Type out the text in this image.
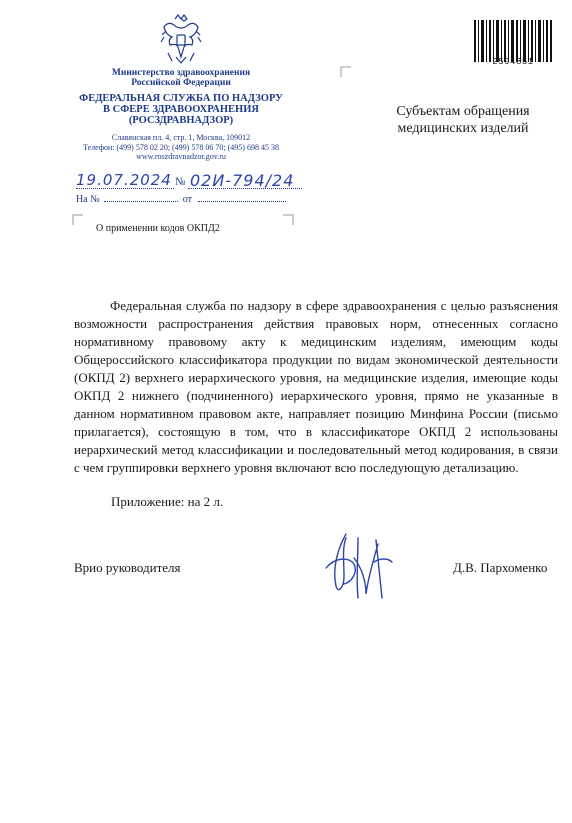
Министерство здравоохранения
Российской Федерации
ФЕДЕРАЛЬНАЯ СЛУЖБА ПО НАДЗОРУ
В СФЕРЕ ЗДРАВООХРАНЕНИЯ
(РОСЗДРАВНАДЗОР)
Славянская пл. 4, стр. 1, Москва, 109012
Телефон: (499) 578 02 20; (499) 578 06 70; (495) 698 45 38
www.roszdravnadzor.gov.ru
2594851
Субъектам обращения
медицинских изделий
19.07.2024 № 02И-794/24
На №	от
О применении кодов ОКПД2
Федеральная служба по надзору в сфере здравоохранения с целью разъяснения возможности распространения действия правовых норм, отнесенных согласно нормативному правовому акту к медицинским изделиям, имеющим коды Общероссийского классификатора продукции по видам экономической деятельности (ОКПД 2) верхнего иерархического уровня, на медицинские изделия, имеющие коды ОКПД 2 нижнего (подчиненного) иерархического уровня, прямо не указанные в данном нормативном правовом акте, направляет позицию Минфина России (письмо прилагается), состоящую в том, что в классификаторе ОКПД 2 использованы иерархический метод классификации и последовательный метод кодирования, в связи с чем группировки верхнего уровня включают всю последующую детализацию.
Приложение: на 2 л.
Врио руководителя	Д.В. Пархоменко
